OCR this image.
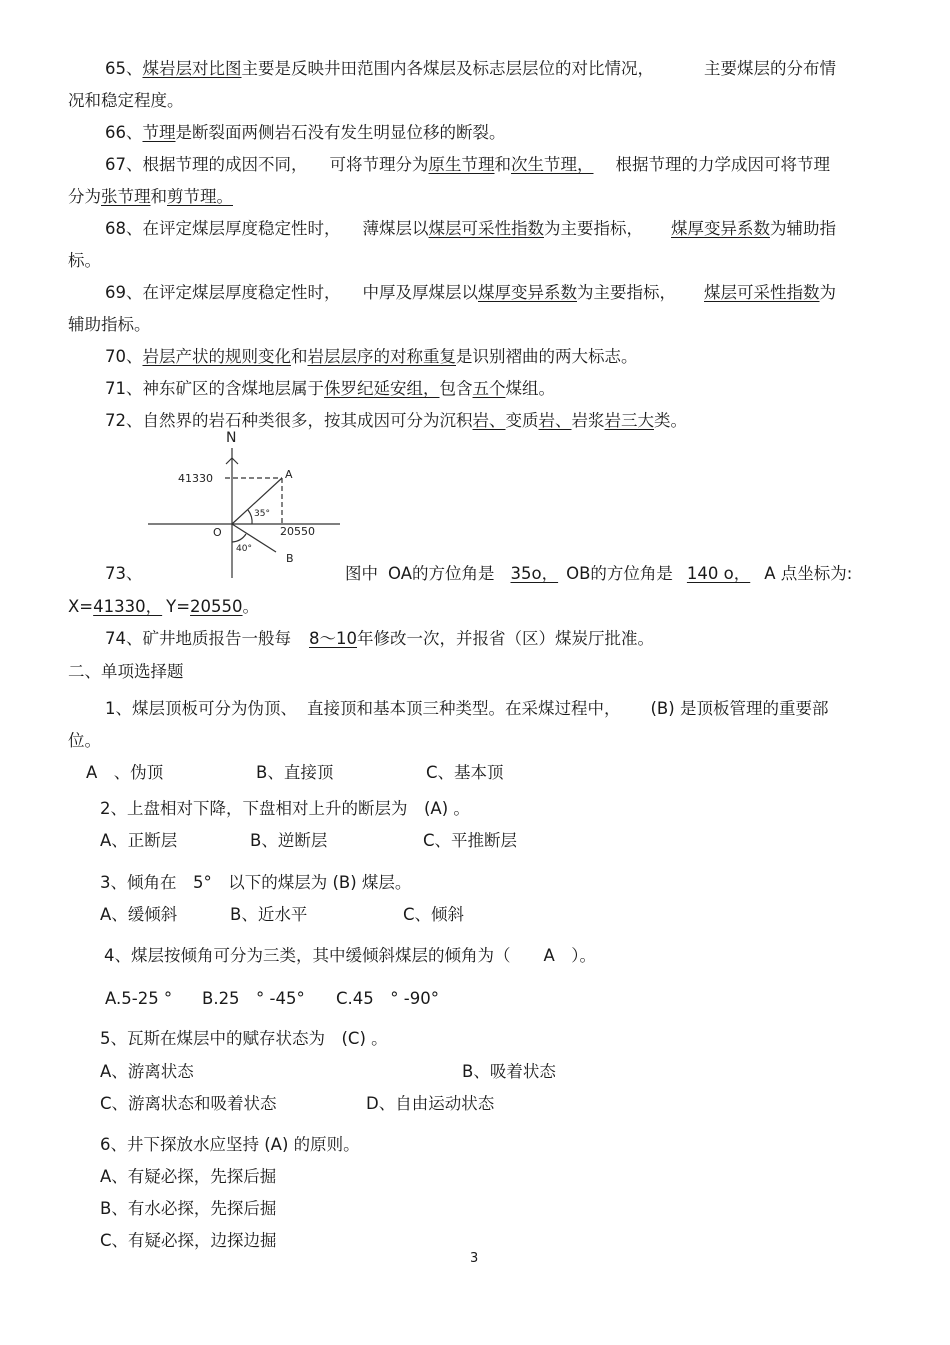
65、煤岩层对比图主要是反映井田范围内各煤层及标志层层位的对比情况，	主要煤层的分布情
况和稳定程度。
66、节理是断裂面两侧岩石没有发生明显位移的断裂。
67、根据节理的成因不同， 可将节理分为原生节理和次生节理， 根据节理的力学成因可将节理
分为张节理和剪节理。
68、在评定煤层厚度稳定性时， 薄煤层以煤层可采性指数为主要指标， 煤厚变异系数为辅助指
标。
69、在评定煤层厚度稳定性时， 中厚及厚煤层以煤厚变异系数为主要指标， 煤层可采性指数为
辅助指标。
70、岩层产状的规则变化和岩层层序的对称重复是识别褶曲的两大标志。
71、神东矿区的含煤地层属于侏罗纪延安组，包含五个煤组。
72、自然界的岩石种类很多，按其成因可分为沉积岩、变质岩、岩浆岩三大类。
N
41330
20550
O
A
B
35°
40°
73、	图中 OA的方位角是 35o， OB的方位角是 140 o， A 点坐标为:
X=41330， Y=20550。
74、矿井地质报告一般每 8～10年修改一次，并报省（区）煤炭厅批准。
二、单项选择题
1、煤层顶板可分为伪顶、 直接顶和基本顶三种类型。在采煤过程中， (B) 是顶板管理的重要部
位。
A　、伪顶	B、直接顶	C、基本顶
2、上盘相对下降，下盘相对上升的断层为　(A) 。
A、正断层	B、逆断层	C、平推断层
3、倾角在　5°　以下的煤层为 (B) 煤层。
A、缓倾斜	B、近水平	C、倾斜
4、煤层按倾角可分为三类，其中缓倾斜煤层的倾角为（　　A　）。
A.5-25 ° B.25　° -45° C.45　° -90°
5、瓦斯在煤层中的赋存状态为　(C) 。
A、游离状态	B、吸着状态
C、游离状态和吸着状态	D、自由运动状态
6、井下探放水应坚持 (A) 的原则。
A、有疑必探，先探后掘
B、有水必探，先探后掘
C、有疑必探，边探边掘
3
